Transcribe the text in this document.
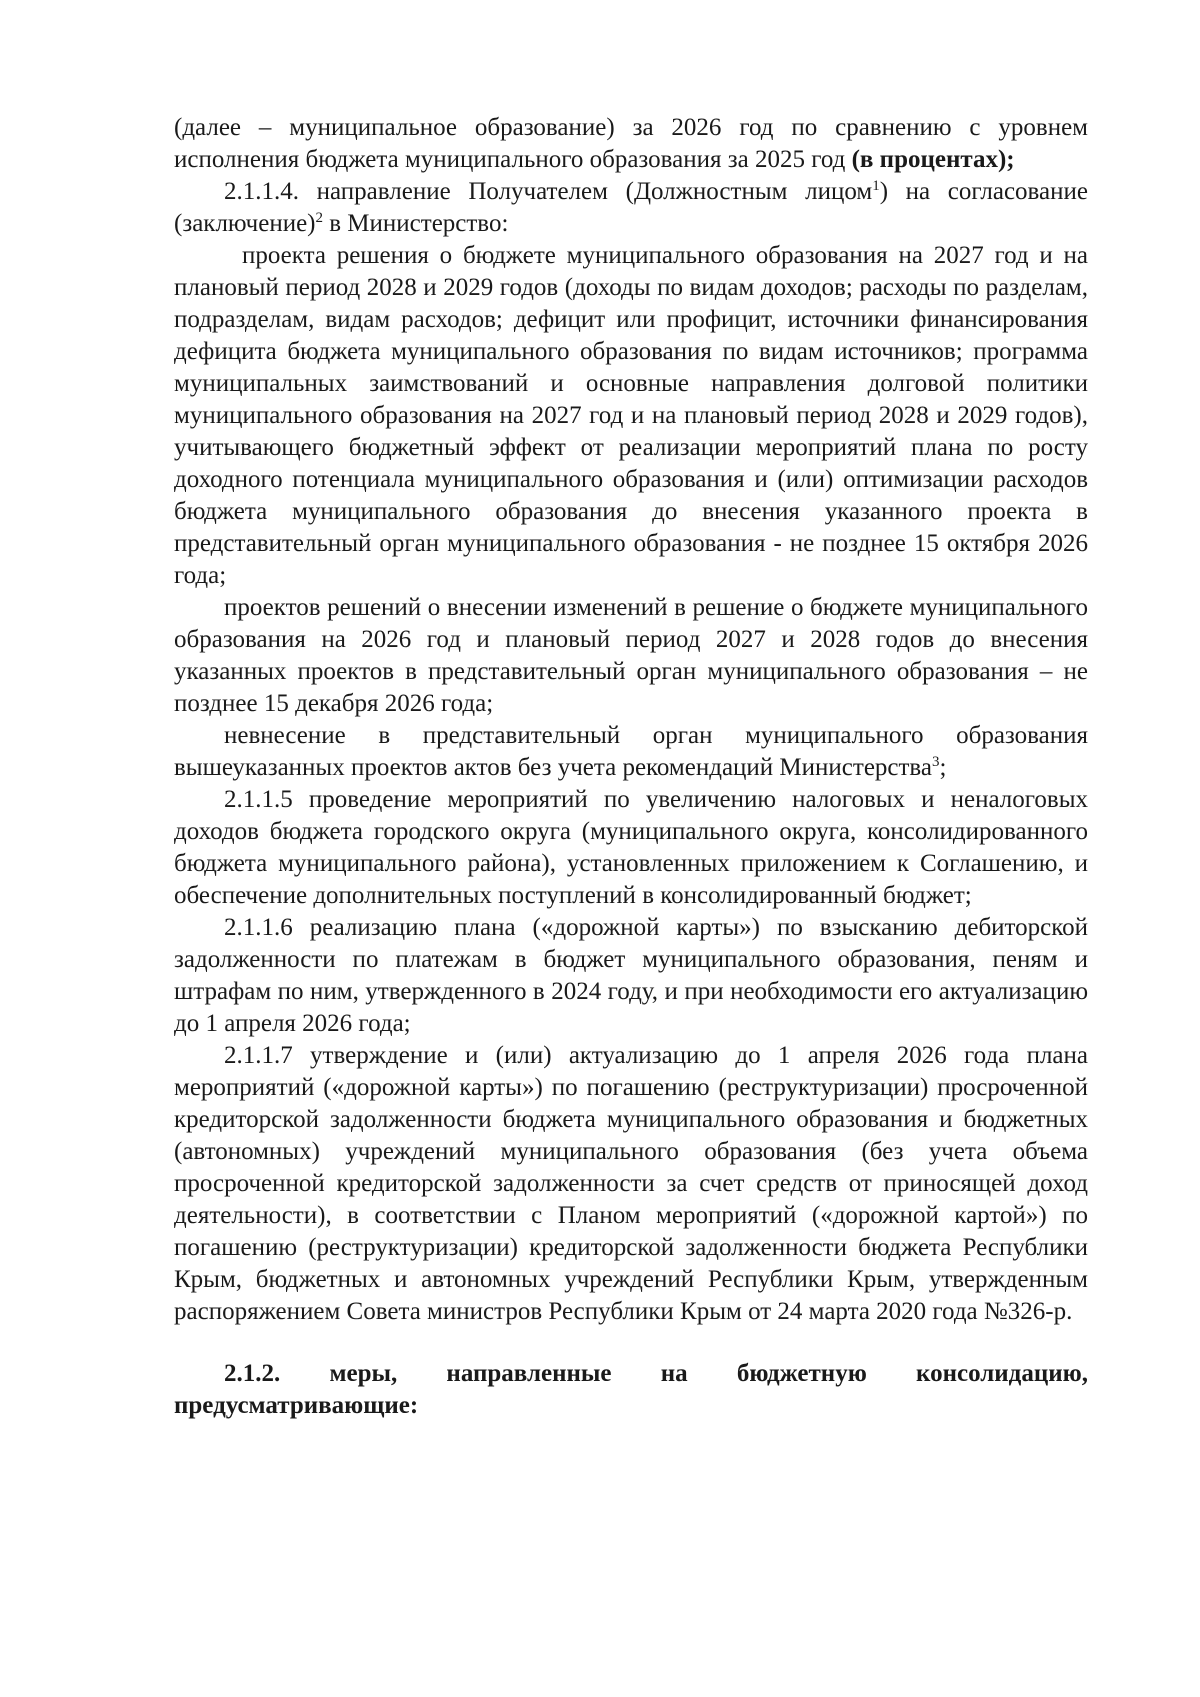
(далее – муниципальное образование) за 2026 год по сравнению с уровнем исполнения бюджета муниципального образования за 2025 год (в процентах);

2.1.1.4. направление Получателем (Должностным лицом$^1$) на согласование (заключение)$^2$ в Министерство:

проекта решения о бюджете муниципального образования на 2027 год и на плановый период 2028 и 2029 годов (доходы по видам доходов; расходы по разделам, подразделам, видам расходов; дефицит или профицит, источники финансирования дефицита бюджета муниципального образования по видам источников; программа муниципальных заимствований и основные направления долговой политики муниципального образования на 2027 год и на плановый период 2028 и 2029 годов), учитывающего бюджетный эффект от реализации мероприятий плана по росту доходного потенциала муниципального образования и (или) оптимизации расходов бюджета муниципального образования до внесения указанного проекта в представительный орган муниципального образования - не позднее 15 октября 2026 года;

проектов решений о внесении изменений в решение о бюджете муниципального образования на 2026 год и плановый период 2027 и 2028 годов до внесения указанных проектов в представительный орган муниципального образования – не позднее 15 декабря 2026 года;

невнесение в представительный орган муниципального образования вышеуказанных проектов актов без учета рекомендаций Министерства$^3$;

2.1.1.5 проведение мероприятий по увеличению налоговых и неналоговых доходов бюджета городского округа (муниципального округа, консолидированного бюджета муниципального района), установленных приложением к Соглашению, и обеспечение дополнительных поступлений в консолидированный бюджет;

2.1.1.6 реализацию плана («дорожной карты») по взысканию дебиторской задолженности по платежам в бюджет муниципального образования, пеням и штрафам по ним, утвержденного в 2024 году, и при необходимости его актуализацию до 1 апреля 2026 года;

2.1.1.7 утверждение и (или) актуализацию до 1 апреля 2026 года плана мероприятий («дорожной карты») по погашению (реструктуризации) просроченной кредиторской задолженности бюджета муниципального образования и бюджетных (автономных) учреждений муниципального образования (без учета объема просроченной кредиторской задолженности за счет средств от приносящей доход деятельности), в соответствии с Планом мероприятий («дорожной картой») по погашению (реструктуризации) кредиторской задолженности бюджета Республики Крым, бюджетных и автономных учреждений Республики Крым, утвержденным распоряжением Совета министров Республики Крым от 24 марта 2020 года №326-р.

2.1.2. меры, направленные на бюджетную консолидацию, предусматривающие:
